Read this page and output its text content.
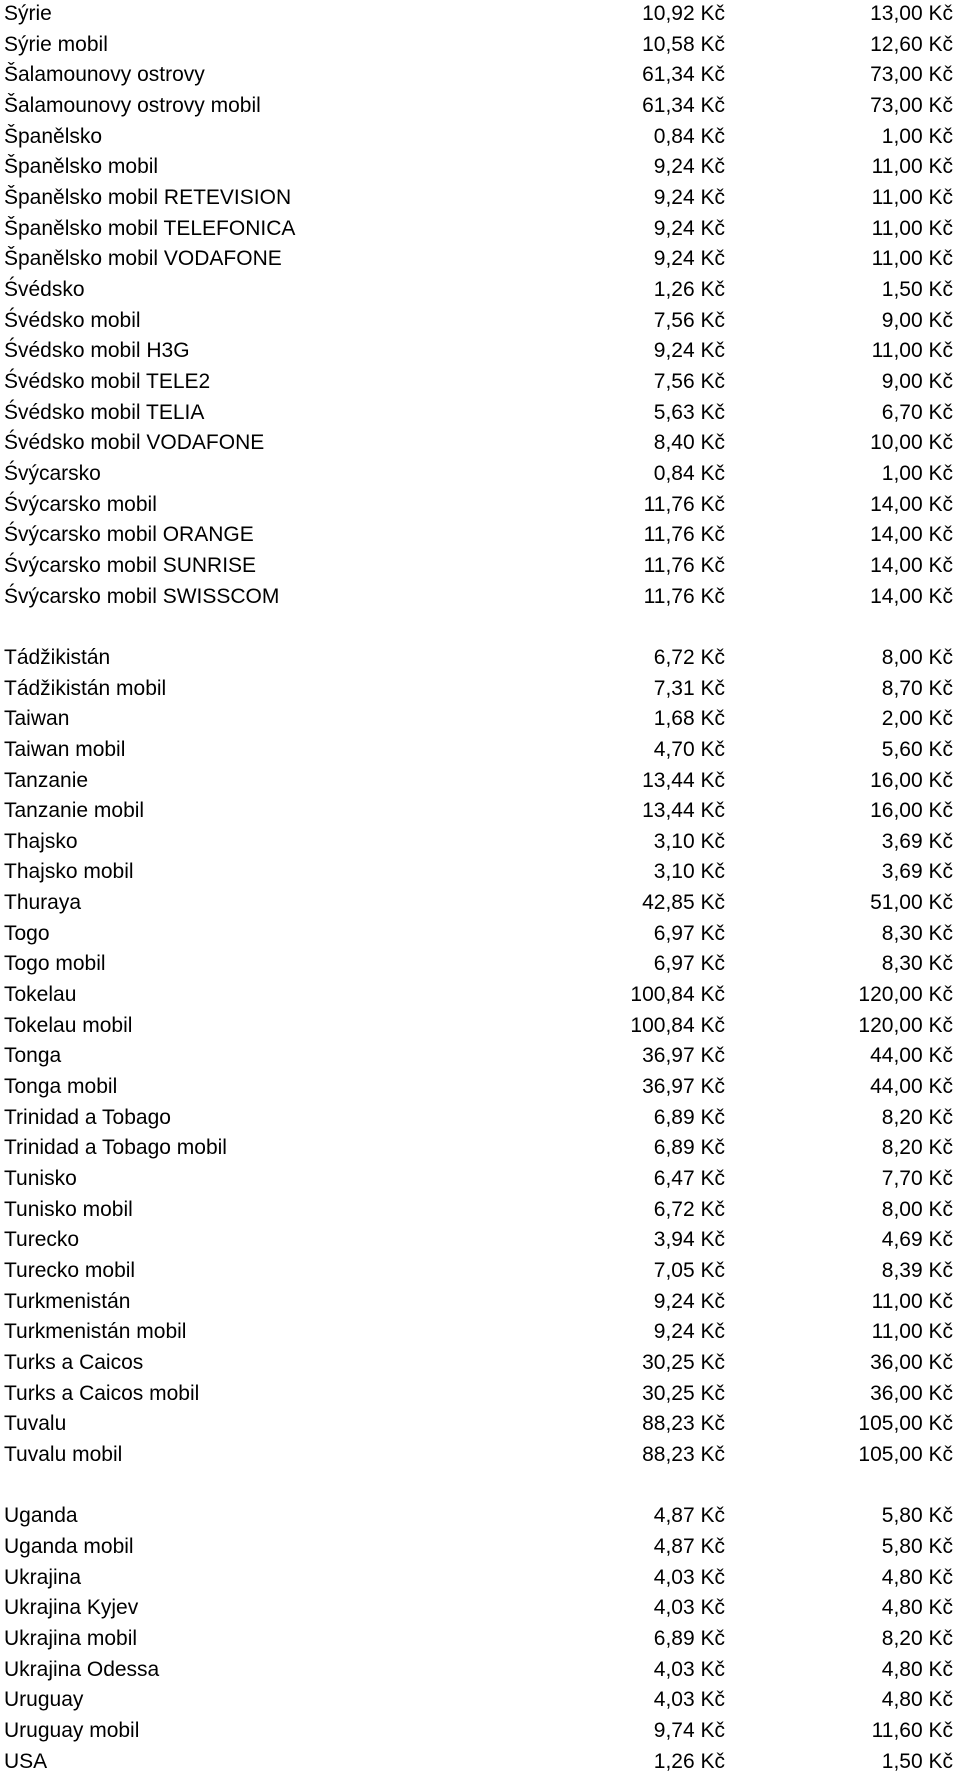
Sýrie	10,92 Kč	13,00 Kč
Sýrie mobil	10,58 Kč	12,60 Kč
Šalamounovy ostrovy	61,34 Kč	73,00 Kč
Šalamounovy ostrovy mobil	61,34 Kč	73,00 Kč
Španělsko	0,84 Kč	1,00 Kč
Španělsko mobil	9,24 Kč	11,00 Kč
Španělsko mobil RETEVISION	9,24 Kč	11,00 Kč
Španělsko mobil TELEFONICA	9,24 Kč	11,00 Kč
Španělsko mobil VODAFONE	9,24 Kč	11,00 Kč
Śvédsko	1,26 Kč	1,50 Kč
Śvédsko mobil	7,56 Kč	9,00 Kč
Śvédsko mobil H3G	9,24 Kč	11,00 Kč
Śvédsko mobil TELE2	7,56 Kč	9,00 Kč
Śvédsko mobil TELIA	5,63 Kč	6,70 Kč
Śvédsko mobil VODAFONE	8,40 Kč	10,00 Kč
Śvýcarsko	0,84 Kč	1,00 Kč
Śvýcarsko mobil	11,76 Kč	14,00 Kč
Śvýcarsko mobil ORANGE	11,76 Kč	14,00 Kč
Śvýcarsko mobil SUNRISE	11,76 Kč	14,00 Kč
Śvýcarsko mobil SWISSCOM	11,76 Kč	14,00 Kč
Tádžikistán	6,72 Kč	8,00 Kč
Tádžikistán mobil	7,31 Kč	8,70 Kč
Taiwan	1,68 Kč	2,00 Kč
Taiwan mobil	4,70 Kč	5,60 Kč
Tanzanie	13,44 Kč	16,00 Kč
Tanzanie mobil	13,44 Kč	16,00 Kč
Thajsko	3,10 Kč	3,69 Kč
Thajsko mobil	3,10 Kč	3,69 Kč
Thuraya	42,85 Kč	51,00 Kč
Togo	6,97 Kč	8,30 Kč
Togo mobil	6,97 Kč	8,30 Kč
Tokelau	100,84 Kč	120,00 Kč
Tokelau mobil	100,84 Kč	120,00 Kč
Tonga	36,97 Kč	44,00 Kč
Tonga mobil	36,97 Kč	44,00 Kč
Trinidad a Tobago	6,89 Kč	8,20 Kč
Trinidad a Tobago mobil	6,89 Kč	8,20 Kč
Tunisko	6,47 Kč	7,70 Kč
Tunisko mobil	6,72 Kč	8,00 Kč
Turecko	3,94 Kč	4,69 Kč
Turecko mobil	7,05 Kč	8,39 Kč
Turkmenistán	9,24 Kč	11,00 Kč
Turkmenistán mobil	9,24 Kč	11,00 Kč
Turks a Caicos	30,25 Kč	36,00 Kč
Turks a Caicos mobil	30,25 Kč	36,00 Kč
Tuvalu	88,23 Kč	105,00 Kč
Tuvalu mobil	88,23 Kč	105,00 Kč
Uganda	4,87 Kč	5,80 Kč
Uganda mobil	4,87 Kč	5,80 Kč
Ukrajina	4,03 Kč	4,80 Kč
Ukrajina Kyjev	4,03 Kč	4,80 Kč
Ukrajina mobil	6,89 Kč	8,20 Kč
Ukrajina Odessa	4,03 Kč	4,80 Kč
Uruguay	4,03 Kč	4,80 Kč
Uruguay mobil	9,74 Kč	11,60 Kč
USA	1,26 Kč	1,50 Kč
